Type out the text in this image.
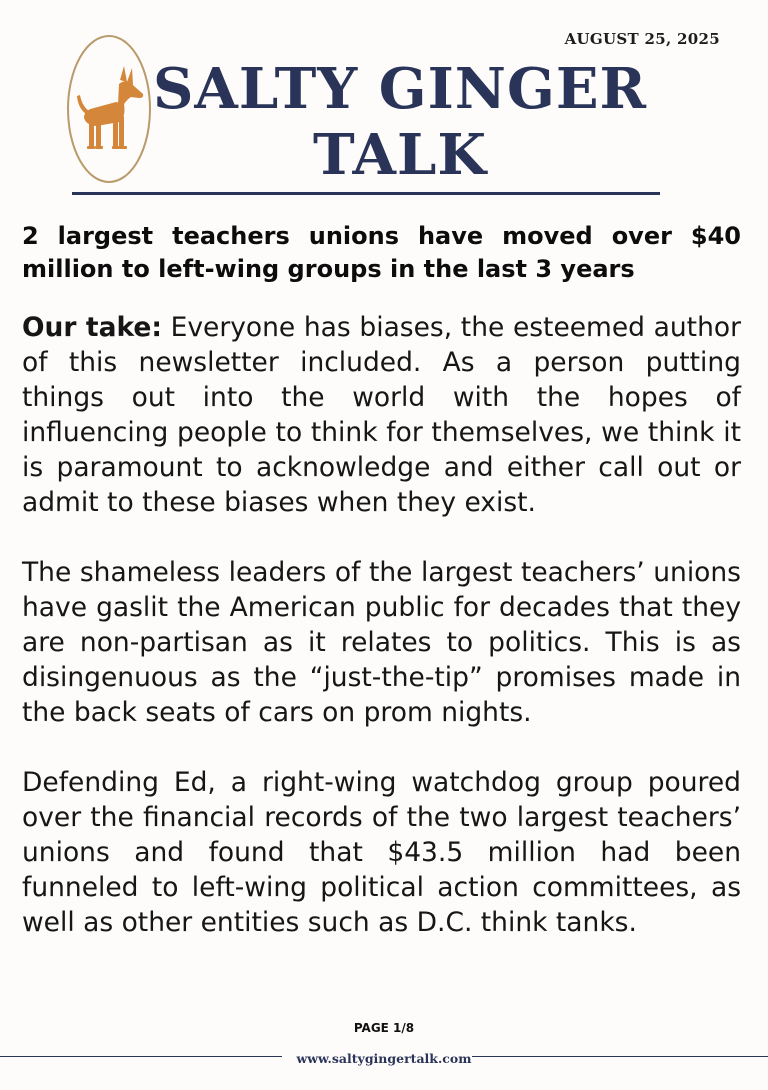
AUGUST 25, 2025
SALTY GINGER
TALK
2 largest teachers unions have moved over $40 million to left-wing groups in the last 3 years

Our take: Everyone has biases, the esteemed author of this newsletter included. As a person putting things out into the world with the hopes of influencing people to think for themselves, we think it is paramount to acknowledge and either call out or admit to these biases when they exist.

The shameless leaders of the largest teachers’ unions have gaslit the American public for decades that they are non-partisan as it relates to politics. This is as disingenuous as the “just-the-tip” promises made in the back seats of cars on prom nights.

Defending Ed, a right-wing watchdog group poured over the financial records of the two largest teachers’ unions and found that $43.5 million had been funneled to left-wing political action committees, as well as other entities such as D.C. think tanks.

PAGE 1/8
www.saltygingertalk.com
